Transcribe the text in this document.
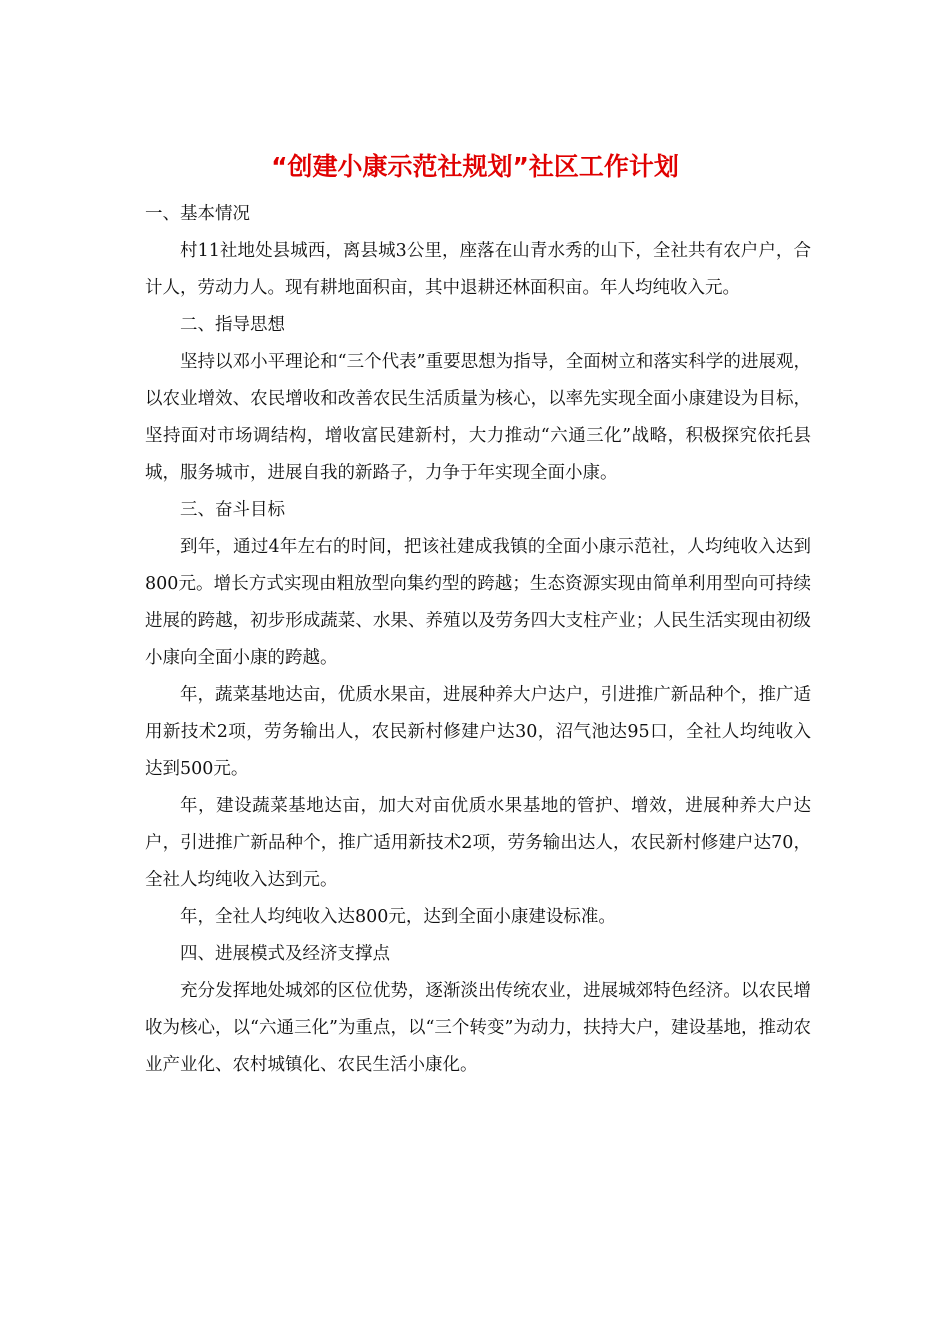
“创建小康示范社规划”社区工作计划

一、基本情况

村11社地处县城西，离县城3公里，座落在山青水秀的山下，全社共有农户户，合计人，劳动力人。现有耕地面积亩，其中退耕还林面积亩。年人均纯收入元。

二、指导思想

坚持以邓小平理论和“三个代表”重要思想为指导，全面树立和落实科学的进展观，以农业增效、农民增收和改善农民生活质量为核心，以率先实现全面小康建设为目标，坚持面对市场调结构，增收富民建新村，大力推动“六通三化”战略，积极探究依托县城，服务城市，进展自我的新路子，力争于年实现全面小康。

三、奋斗目标

到年，通过4年左右的时间，把该社建成我镇的全面小康示范社，人均纯收入达到800元。增长方式实现由粗放型向集约型的跨越；生态资源实现由简单利用型向可持续进展的跨越，初步形成蔬菜、水果、养殖以及劳务四大支柱产业；人民生活实现由初级小康向全面小康的跨越。

年，蔬菜基地达亩，优质水果亩，进展种养大户达户，引进推广新品种个，推广适用新技术2项，劳务输出人，农民新村修建户达30，沼气池达95口，全社人均纯收入达到500元。

年，建设蔬菜基地达亩，加大对亩优质水果基地的管护、增效，进展种养大户达户，引进推广新品种个，推广适用新技术2项，劳务输出达人，农民新村修建户达70，全社人均纯收入达到元。

年，全社人均纯收入达800元，达到全面小康建设标准。

四、进展模式及经济支撑点

充分发挥地处城郊的区位优势，逐渐淡出传统农业，进展城郊特色经济。以农民增收为核心，以“六通三化”为重点，以“三个转变”为动力，扶持大户，建设基地，推动农业产业化、农村城镇化、农民生活小康化。
